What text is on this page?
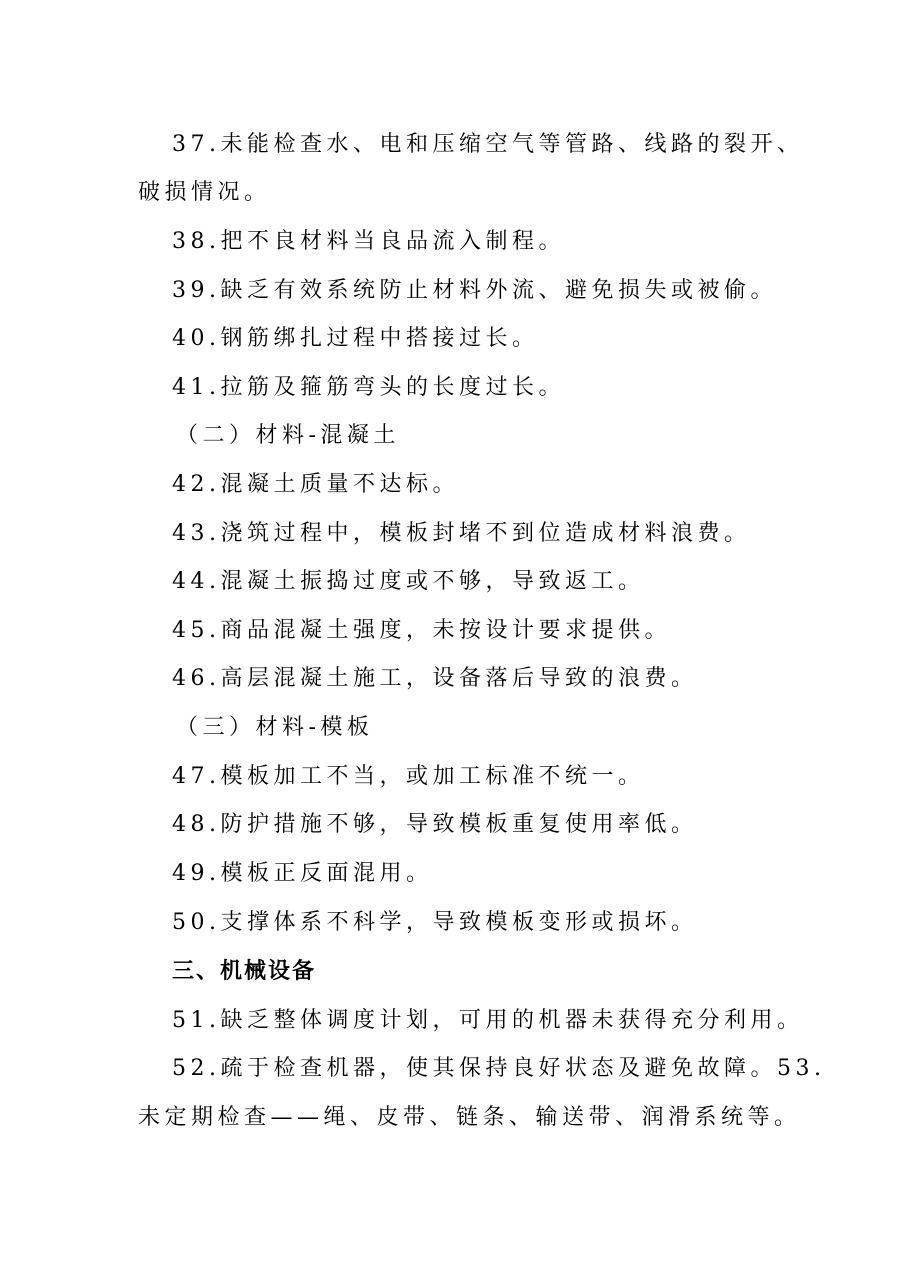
37.未能检查水、电和压缩空气等管路、线路的裂开、
破损情况。
38.把不良材料当良品流入制程。
39.缺乏有效系统防止材料外流、避免损失或被偷。
40.钢筋绑扎过程中搭接过长。
41.拉筋及箍筋弯头的长度过长。
（二）材料-混凝土
42.混凝土质量不达标。
43.浇筑过程中，模板封堵不到位造成材料浪费。
44.混凝土振捣过度或不够，导致返工。
45.商品混凝土强度，未按设计要求提供。
46.高层混凝土施工，设备落后导致的浪费。
（三）材料-模板
47.模板加工不当，或加工标准不统一。
48.防护措施不够，导致模板重复使用率低。
49.模板正反面混用。
50.支撑体系不科学，导致模板变形或损坏。
三、机械设备
51.缺乏整体调度计划，可用的机器未获得充分利用。
52.疏于检查机器，使其保持良好状态及避免故障。53.
未定期检查——绳、皮带、链条、输送带、润滑系统等。
